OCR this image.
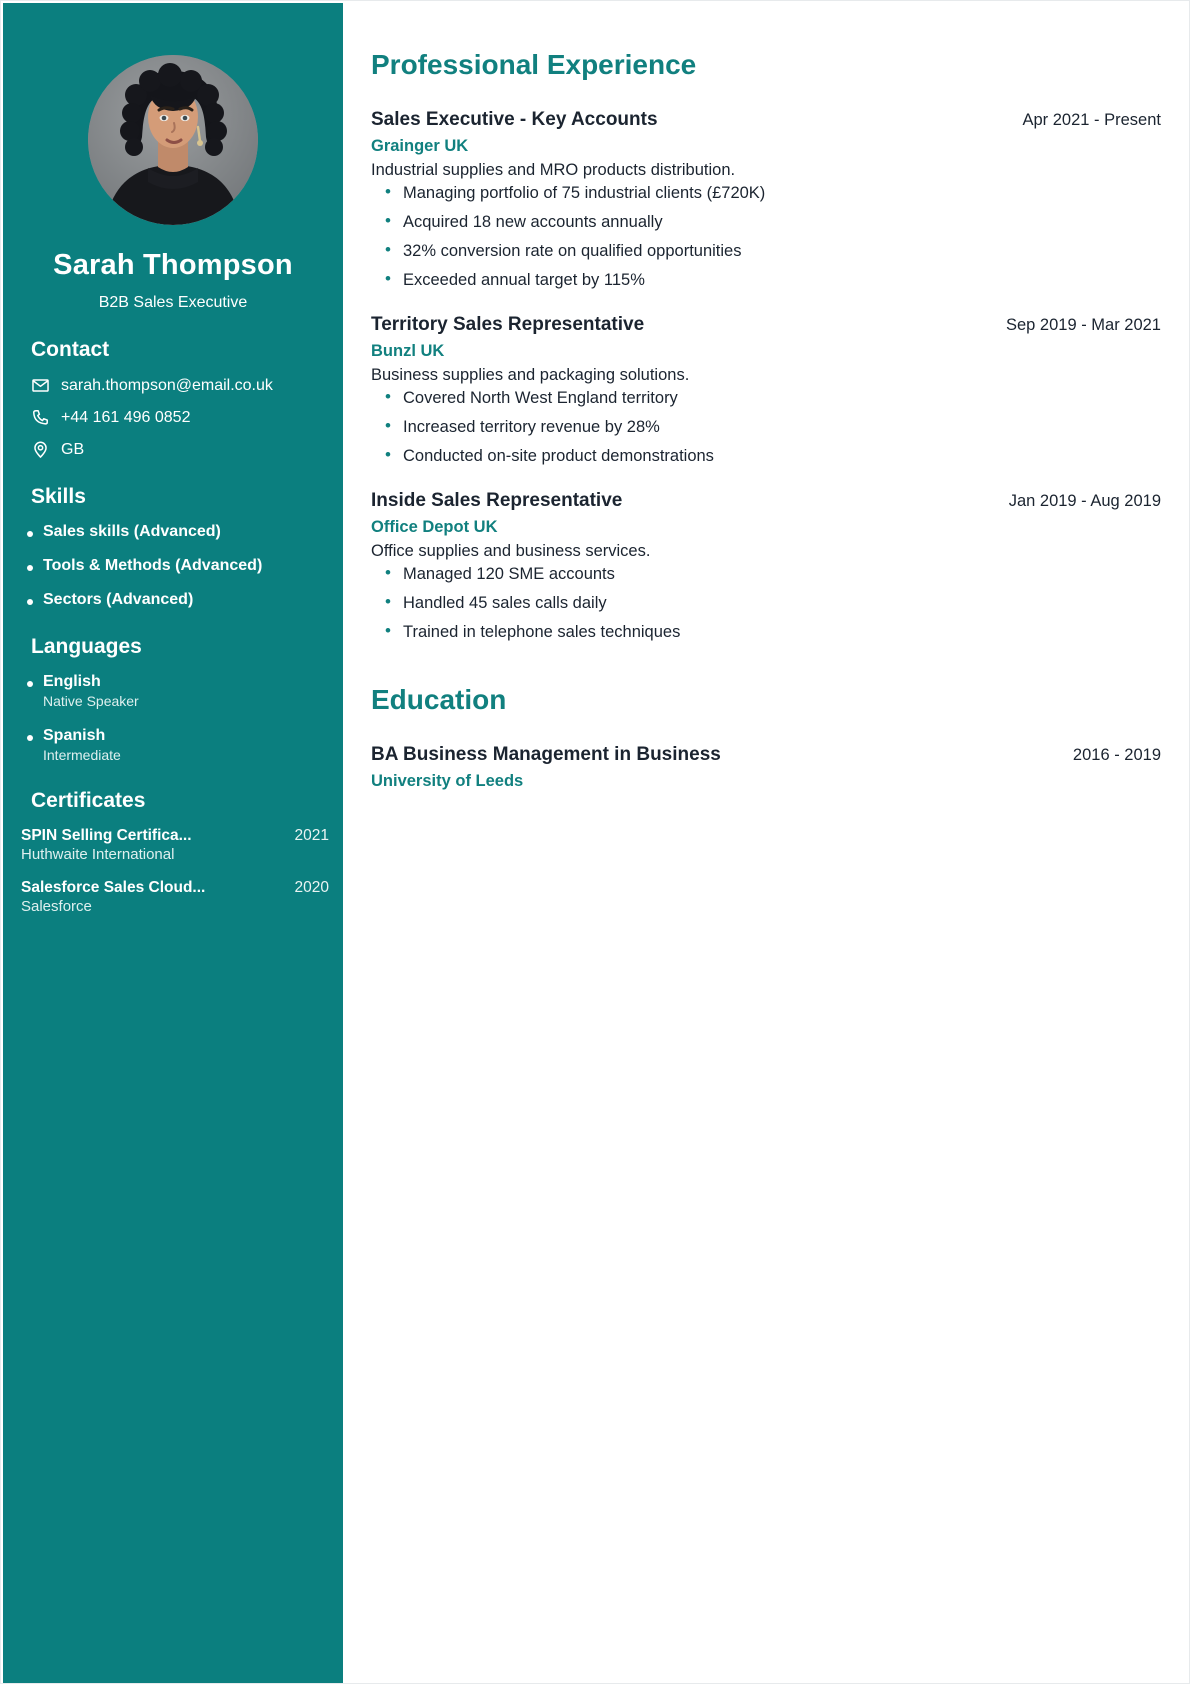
Sarah Thompson
B2B Sales Executive
Contact
sarah.thompson@email.co.uk
+44 161 496 0852
GB
Skills
Sales skills (Advanced)
Tools & Methods (Advanced)
Sectors (Advanced)
Languages
English
Native Speaker
Spanish
Intermediate
Certificates
SPIN Selling Certifica...	2021
Huthwaite International
Salesforce Sales Cloud...	2020
Salesforce
Professional Experience
Sales Executive - Key Accounts	Apr 2021 - Present
Grainger UK
Industrial supplies and MRO products distribution.
• Managing portfolio of 75 industrial clients (£720K)
• Acquired 18 new accounts annually
• 32% conversion rate on qualified opportunities
• Exceeded annual target by 115%
Territory Sales Representative	Sep 2019 - Mar 2021
Bunzl UK
Business supplies and packaging solutions.
• Covered North West England territory
• Increased territory revenue by 28%
• Conducted on-site product demonstrations
Inside Sales Representative	Jan 2019 - Aug 2019
Office Depot UK
Office supplies and business services.
• Managed 120 SME accounts
• Handled 45 sales calls daily
• Trained in telephone sales techniques
Education
BA Business Management in Business	2016 - 2019
University of Leeds
